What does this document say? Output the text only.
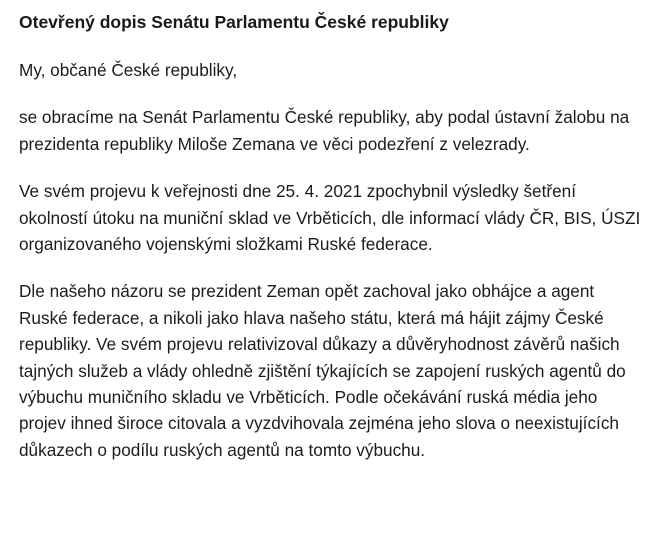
Otevřený dopis Senátu Parlamentu České republiky

My, občané České republiky,

se obracíme na Senát Parlamentu České republiky, aby podal ústavní žalobu na prezidenta republiky Miloše Zemana ve věci podezření z velezrady.

Ve svém projevu k veřejnosti dne 25. 4. 2021 zpochybnil výsledky šetření okolností útoku na muniční sklad ve Vrběticích, dle informací vlády ČR, BIS, ÚSZI organizovaného vojenskými složkami Ruské federace.

Dle našeho názoru se prezident Zeman opět zachoval jako obhájce a agent Ruské federace, a nikoli jako hlava našeho státu, která má hájit zájmy České republiky. Ve svém projevu relativizoval důkazy a důvěryhodnost závěrů našich tajných služeb a vlády ohledně zjištění týkajících se zapojení ruských agentů do výbuchu muničního skladu ve Vrběticích. Podle očekávání ruská média jeho projev ihned široce citovala a vyzdvihovala zejména jeho slova o neexistujících důkazech o podílu ruských agentů na tomto výbuchu.
